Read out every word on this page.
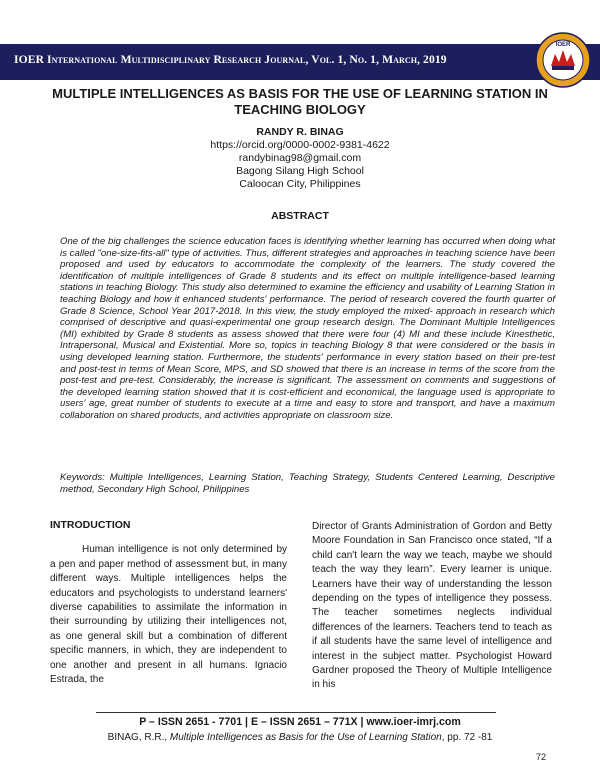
IOER International Multidisciplinary Research Journal, Vol. 1, No. 1, March, 2019
IOER
MULTIPLE INTELLIGENCES AS BASIS FOR THE USE OF LEARNING STATION IN TEACHING BIOLOGY
RANDY R. BINAG
https://orcid.org/0000-0002-9381-4622
randybinag98@gmail.com
Bagong Silang High School
Caloocan City, Philippines
ABSTRACT
One of the big challenges the science education faces is identifying whether learning has occurred when doing what is called "one-size-fits-all" type of activities. Thus, different strategies and approaches in teaching science have been proposed and used by educators to accommodate the complexity of the learners. The study covered the identification of multiple intelligences of Grade 8 students and its effect on multiple intelligence-based learning stations in teaching Biology. This study also determined to examine the efficiency and usability of Learning Station in teaching Biology and how it enhanced students' performance. The period of research covered the fourth quarter of Grade 8 Science, School Year 2017-2018. In this view, the study employed the mixed- approach in research which comprised of descriptive and quasi-experimental one group research design. The Dominant Multiple Intelligences (MI) exhibited by Grade 8 students as assess showed that there were four (4) MI and these include Kinesthetic, Intrapersonal, Musical and Existential. More so, topics in teaching Biology 8 that were considered or the basis in using developed learning station. Furthermore, the students' performance in every station based on their pre-test and post-test in terms of Mean Score, MPS, and SD showed that there is an increase in terms of the score from the post-test and pre-test. Considerably, the increase is significant. The assessment on comments and suggestions of the developed learning station showed that it is cost-efficient and economical, the language used is appropriate to users' age, great number of students to execute at a time and easy to store and transport, and have a maximum collaboration on shared products, and activities appropriate on classroom size.
Keywords: Multiple Intelligences, Learning Station, Teaching Strategy, Students Centered Learning, Descriptive method, Secondary High School, Philippines
INTRODUCTION

Human intelligence is not only determined by a pen and paper method of assessment but, in many different ways. Multiple intelligences helps the educators and psychologists to understand learners' diverse capabilities to assimilate the information in their surrounding by utilizing their intelligences not, as one general skill but a combination of different specific manners, in which, they are independent to one another and present in all humans. Ignacio Estrada, the

Director of Grants Administration of Gordon and Betty Moore Foundation in San Francisco once stated, “If a child can't learn the way we teach, maybe we should teach the way they learn”. Every learner is unique. Learners have their way of understanding the lesson depending on the types of intelligence they possess. The teacher sometimes neglects individual differences of the learners. Teachers tend to teach as if all students have the same level of intelligence and interest in the subject matter. Psychologist Howard Gardner proposed the Theory of Multiple Intelligence in his

P – ISSN 2651 - 7701 | E – ISSN 2651 – 771X | www.ioer-imrj.com
BINAG, R.R., Multiple Intelligences as Basis for the Use of Learning Station, pp. 72 -81
72
